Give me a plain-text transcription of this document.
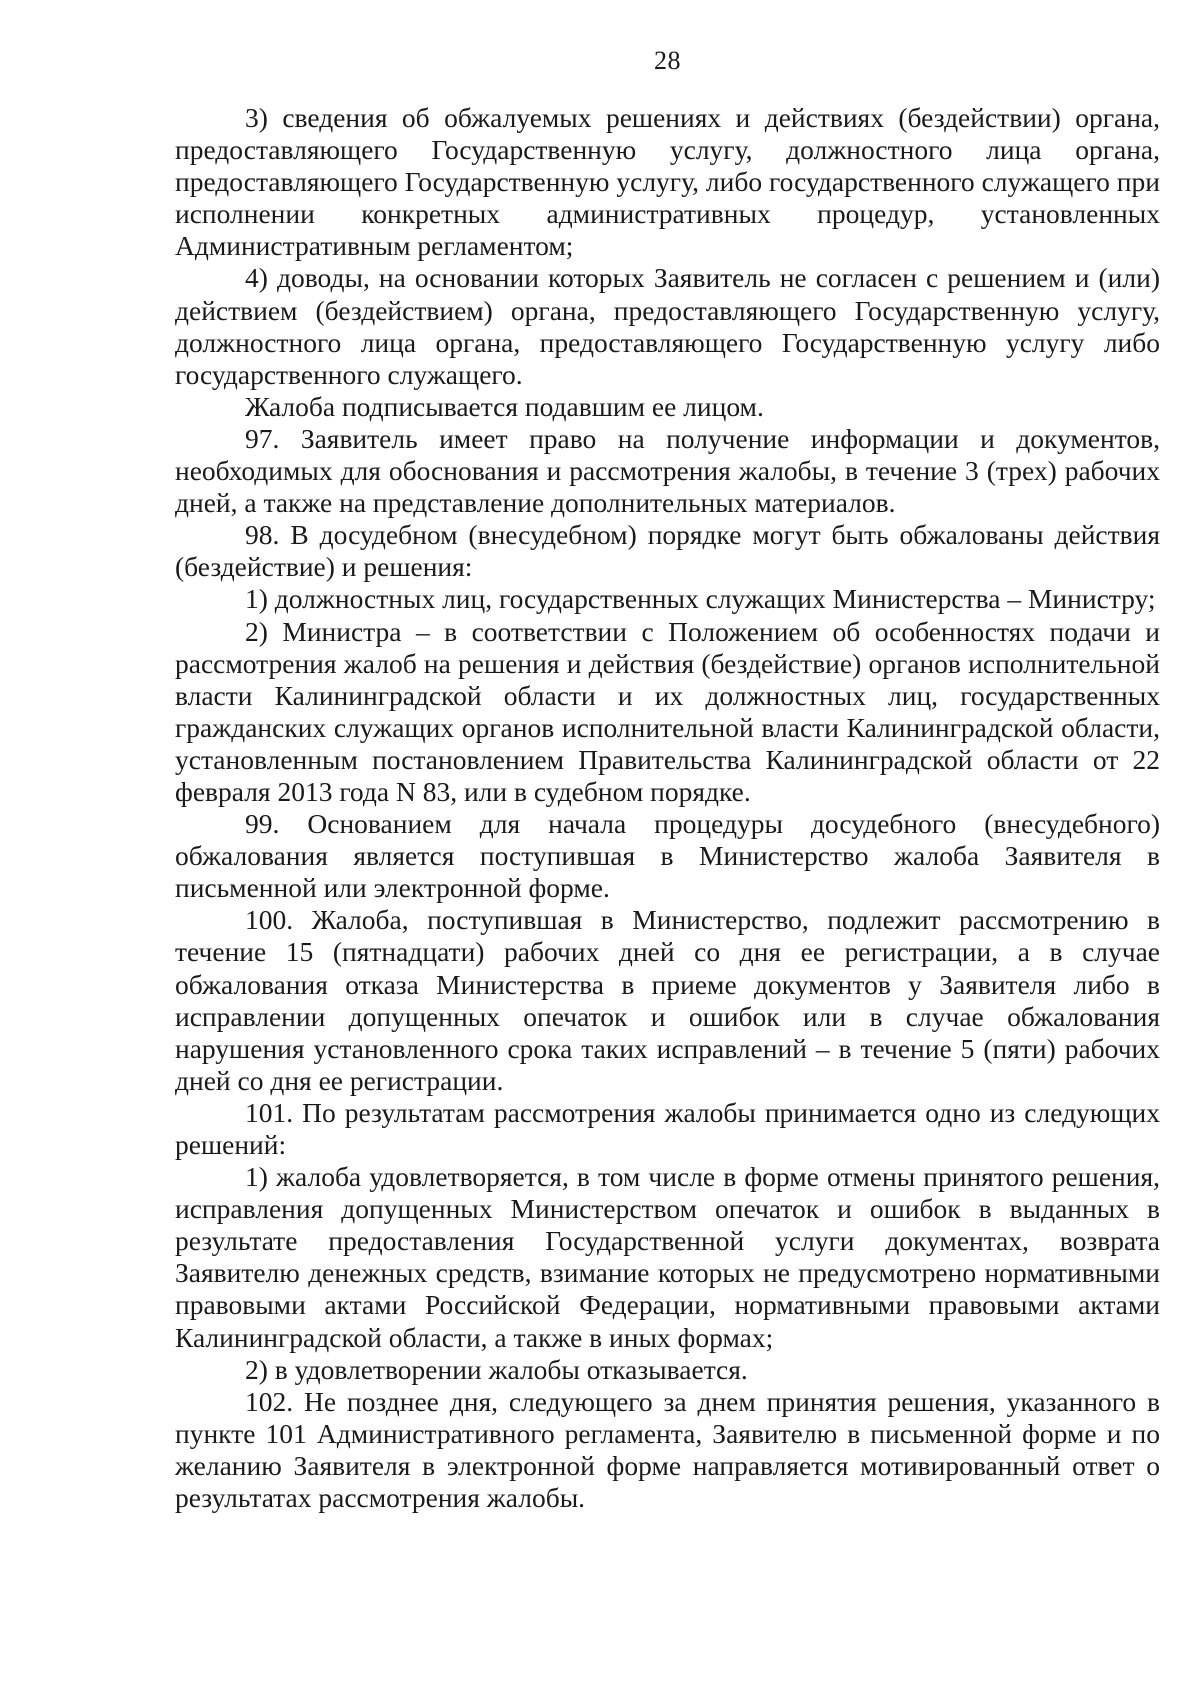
28

3) сведения об обжалуемых решениях и действиях (бездействии) органа, предоставляющего Государственную услугу, должностного лица органа, предоставляющего Государственную услугу, либо государственного служащего при исполнении конкретных административных процедур, установленных Административным регламентом;

4) доводы, на основании которых Заявитель не согласен с решением и (или) действием (бездействием) органа, предоставляющего Государственную услугу, должностного лица органа, предоставляющего Государственную услугу либо государственного служащего.

Жалоба подписывается подавшим ее лицом.

97. Заявитель имеет право на получение информации и документов, необходимых для обоснования и рассмотрения жалобы, в течение 3 (трех) рабочих дней, а также на представление дополнительных материалов.

98. В досудебном (внесудебном) порядке могут быть обжалованы действия (бездействие) и решения:

1) должностных лиц, государственных служащих Министерства – Министру;

2) Министра – в соответствии с Положением об особенностях подачи и рассмотрения жалоб на решения и действия (бездействие) органов исполнительной власти Калининградской области и их должностных лиц, государственных гражданских служащих органов исполнительной власти Калининградской области, установленным постановлением Правительства Калининградской области от 22 февраля 2013 года N 83, или в судебном порядке.

99. Основанием для начала процедуры досудебного (внесудебного) обжалования является поступившая в Министерство жалоба Заявителя в письменной или электронной форме.

100. Жалоба, поступившая в Министерство, подлежит рассмотрению в течение 15 (пятнадцати) рабочих дней со дня ее регистрации, а в случае обжалования отказа Министерства в приеме документов у Заявителя либо в исправлении допущенных опечаток и ошибок или в случае обжалования нарушения установленного срока таких исправлений – в течение 5 (пяти) рабочих дней со дня ее регистрации.

101. По результатам рассмотрения жалобы принимается одно из следующих решений:

1) жалоба удовлетворяется, в том числе в форме отмены принятого решения, исправления допущенных Министерством опечаток и ошибок в выданных в результате предоставления Государственной услуги документах, возврата Заявителю денежных средств, взимание которых не предусмотрено нормативными правовыми актами Российской Федерации, нормативными правовыми актами Калининградской области, а также в иных формах;

2) в удовлетворении жалобы отказывается.

102. Не позднее дня, следующего за днем принятия решения, указанного в пункте 101 Административного регламента, Заявителю в письменной форме и по желанию Заявителя в электронной форме направляется мотивированный ответ о результатах рассмотрения жалобы.
